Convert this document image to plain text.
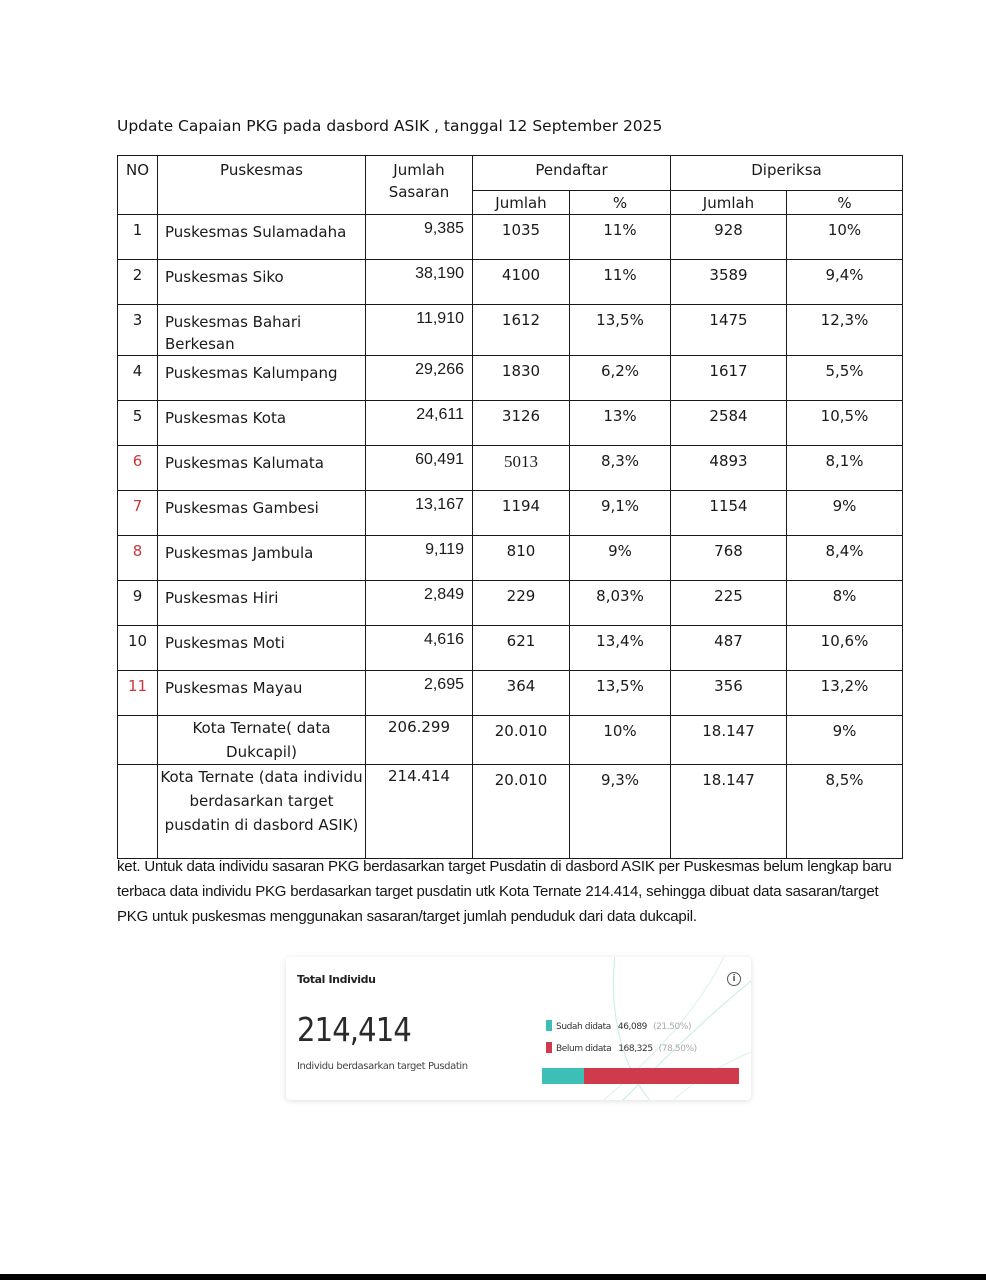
Update Capaian PKG pada dasbord ASIK , tanggal 12 September 2025
NO	Puskesmas	Jumlah Sasaran	Pendaftar		Diperiksa	
			Jumlah	%	Jumlah	%
1	Puskesmas Sulamadaha	9,385	1035	11%	928	10%
2	Puskesmas Siko	38,190	4100	11%	3589	9,4%
3	Puskesmas Bahari Berkesan	11,910	1612	13,5%	1475	12,3%
4	Puskesmas Kalumpang	29,266	1830	6,2%	1617	5,5%
5	Puskesmas Kota	24,611	3126	13%	2584	10,5%
6	Puskesmas Kalumata	60,491	5013	8,3%	4893	8,1%
7	Puskesmas Gambesi	13,167	1194	9,1%	1154	9%
8	Puskesmas Jambula	9,119	810	9%	768	8,4%
9	Puskesmas Hiri	2,849	229	8,03%	225	8%
10	Puskesmas Moti	4,616	621	13,4%	487	10,6%
11	Puskesmas Mayau	2,695	364	13,5%	356	13,2%
	Kota Ternate( data Dukcapil)	206.299	20.010	10%	18.147	9%
	Kota Ternate (data individu berdasarkan target pusdatin di dasbord ASIK)	214.414	20.010	9,3%	18.147	8,5%
ket. Untuk data individu sasaran PKG berdasarkan target Pusdatin di dasbord ASIK per Puskesmas belum lengkap baru terbaca data individu PKG berdasarkan target pusdatin utk Kota Ternate 214.414, sehingga dibuat data sasaran/target PKG untuk puskesmas menggunakan sasaran/target jumlah penduduk dari data dukcapil.
Total Individu	i
214,414
Individu berdasarkan target Pusdatin
Sudah didata 46,089 (21.50%)
Belum didata 168,325 (78.50%)
